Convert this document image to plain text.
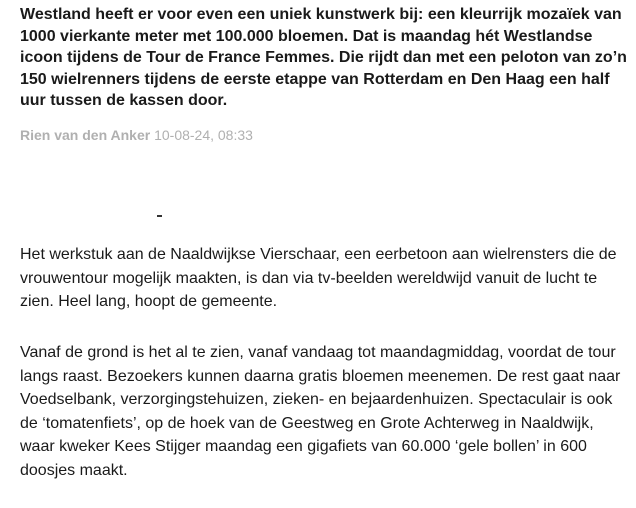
Westland heeft er voor even een uniek kunstwerk bij: een kleurrijk mozaïek van 1000 vierkante meter met 100.000 bloemen. Dat is maandag hét Westlandse icoon tijdens de Tour de France Femmes. Die rijdt dan met een peloton van zo’n 150 wielrenners tijdens de eerste etappe van Rotterdam en Den Haag een half uur tussen de kassen door.

Rien van den Anker 10-08-24, 08:33

Het werkstuk aan de Naaldwijkse Vierschaar, een eerbetoon aan wielrensters die de vrouwentour mogelijk maakten, is dan via tv-beelden wereldwijd vanuit de lucht te zien. Heel lang, hoopt de gemeente.

Vanaf de grond is het al te zien, vanaf vandaag tot maandagmiddag, voordat de tour langs raast. Bezoekers kunnen daarna gratis bloemen meenemen. De rest gaat naar Voedselbank, verzorgingstehuizen, zieken- en bejaardenhuizen. Spectaculair is ook de ‘tomatenfiets’, op de hoek van de Geestweg en Grote Achterweg in Naaldwijk, waar kweker Kees Stijger maandag een gigafiets van 60.000 ‘gele bollen’ in 600 doosjes maakt.
